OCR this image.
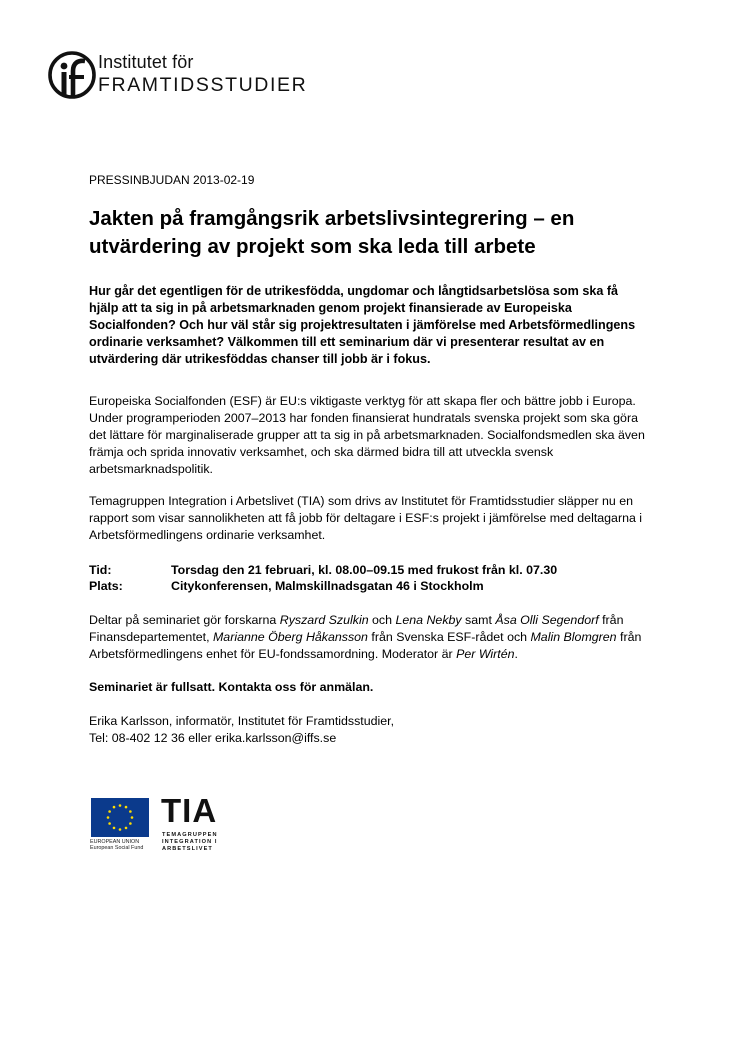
Institutet för
FRAMTIDSSTUDIER
PRESSINBJUDAN 2013-02-19
Jakten på framgångsrik arbetslivsintegrering – en utvärdering av projekt som ska leda till arbete

Hur går det egentligen för de utrikesfödda, ungdomar och långtidsarbetslösa som ska få hjälp att ta sig in på arbetsmarknaden genom projekt finansierade av Europeiska Socialfonden? Och hur väl står sig projektresultaten i jämförelse med Arbetsförmedlingens ordinarie verksamhet? Välkommen till ett seminarium där vi presenterar resultat av en utvärdering där utrikesföddas chanser till jobb är i fokus.

Europeiska Socialfonden (ESF) är EU:s viktigaste verktyg för att skapa fler och bättre jobb i Europa. Under programperioden 2007–2013 har fonden finansierat hundratals svenska projekt som ska göra det lättare för marginaliserade grupper att ta sig in på arbetsmarknaden. Socialfondsmedlen ska även främja och sprida innovativ verksamhet, och ska därmed bidra till att utveckla svensk arbetsmarknadspolitik.

Temagruppen Integration i Arbetslivet (TIA) som drivs av Institutet för Framtidsstudier släpper nu en rapport som visar sannolikheten att få jobb för deltagare i ESF:s projekt i jämförelse med deltagarna i Arbetsförmedlingens ordinarie verksamhet.

Tid:	Torsdag den 21 februari, kl. 08.00–09.15 med frukost från kl. 07.30
Plats:	Citykonferensen, Malmskillnadsgatan 46 i Stockholm

Deltar på seminariet gör forskarna Ryszard Szulkin och Lena Nekby samt Åsa Olli Segendorf från Finansdepartementet, Marianne Öberg Håkansson från Svenska ESF-rådet och Malin Blomgren från Arbetsförmedlingens enhet för EU-fondssamordning. Moderator är Per Wirtén.

Seminariet är fullsatt. Kontakta oss för anmälan.

Erika Karlsson, informatör, Institutet för Framtidsstudier,
Tel: 08-402 12 36 eller erika.karlsson@iffs.se
EUROPEAN UNION
European Social Fund
TIA
TEMAGRUPPEN
INTEGRATION I
ARBETSLIVET
